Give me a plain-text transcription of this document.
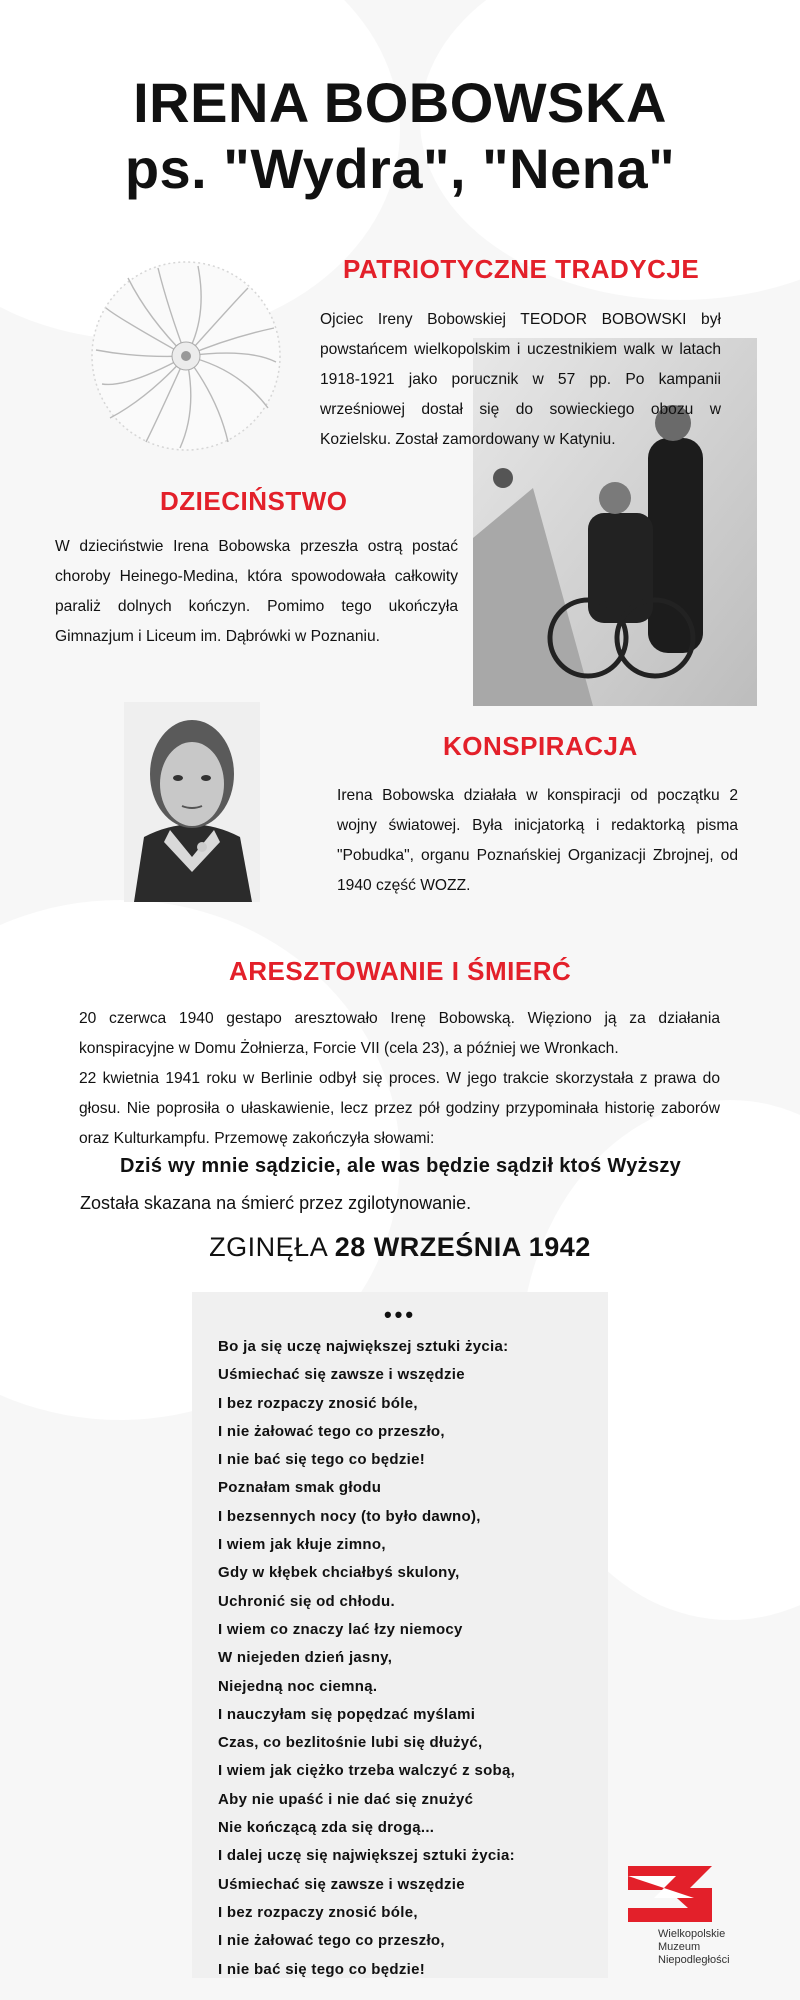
IRENA BOBOWSKA
ps. "Wydra", "Nena"
PATRIOTYCZNE TRADYCJE
Ojciec Ireny Bobowskiej TEODOR BOBOWSKI był powstańcem wielkopolskim i uczestnikiem walk w latach 1918-1921 jako porucznik w 57 pp. Po kampanii wrześniowej dostał się do sowieckiego obozu w Kozielsku. Został zamordowany w Katyniu.
DZIECIŃSTWO
W dzieciństwie Irena Bobowska przeszła ostrą postać choroby Heinego-Medina, która spowodowała całkowity paraliż dolnych kończyn. Pomimo tego ukończyła Gimnazjum i Liceum im. Dąbrówki w Poznaniu.
KONSPIRACJA
Irena Bobowska działała w konspiracji od początku 2 wojny światowej. Była inicjatorką i redaktorką pisma "Pobudka", organu Poznańskiej Organizacji Zbrojnej, od 1940 część WOZZ.
ARESZTOWANIE I ŚMIERĆ

20 czerwca 1940 gestapo aresztowało Irenę Bobowską. Więziono ją za działania konspiracyjne w Domu Żołnierza, Forcie VII (cela 23), a później we Wronkach.

22 kwietnia 1941 roku w Berlinie odbył się proces. W jego trakcie skorzystała z prawa do głosu. Nie poprosiła o ułaskawienie, lecz przez pół godziny przypominała historię zaborów oraz Kulturkampfu. Przemowę zakończyła słowami:

Dziś wy mnie sądzicie, ale was będzie sądził ktoś Wyższy
Została skazana na śmierć przez zgilotynowanie.
ZGINĘŁA 28 WRZEŚNIA 1942
•••
Bo ja się uczę największej sztuki życia:
Uśmiechać się zawsze i wszędzie
I bez rozpaczy znosić bóle,
I nie żałować tego co przeszło,
I nie bać się tego co będzie!
Poznałam smak głodu
I bezsennych nocy (to było dawno),
I wiem jak kłuje zimno,
Gdy w kłębek chciałbyś skulony,
Uchronić się od chłodu.
I wiem co znaczy lać łzy niemocy
W niejeden dzień jasny,
Niejedną noc ciemną.
I nauczyłam się popędzać myślami
Czas, co bezlitośnie lubi się dłużyć,
I wiem jak ciężko trzeba walczyć z sobą,
Aby nie upaść i nie dać się znużyć
Nie kończącą zda się drogą...
I dalej uczę się największej sztuki życia:
Uśmiechać się zawsze i wszędzie
I bez rozpaczy znosić bóle,
I nie żałować tego co przeszło,
I nie bać się tego co będzie!
Wielkopolskie
Muzeum
Niepodległości
